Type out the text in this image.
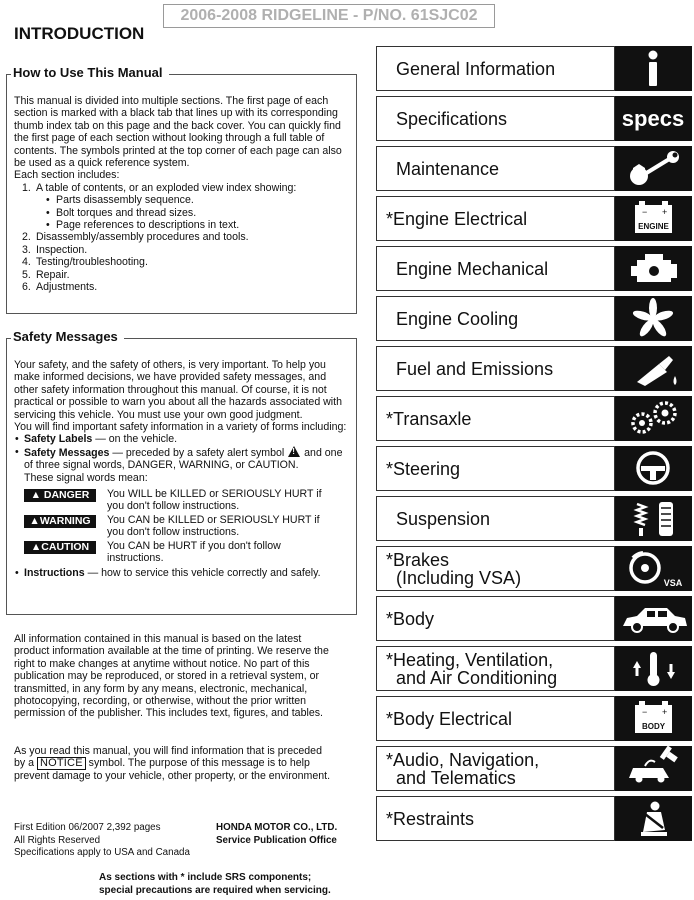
2006-2008 RIDGELINE - P/NO. 61SJC02
INTRODUCTION
How to Use This Manual
This manual is divided into multiple sections. The first page of each section is marked with a black tab that lines up with its corresponding thumb index tab on this page and the back cover. You can quickly find the first page of each section without looking through a full table of contents. The symbols printed at the top corner of each page can also be used as a quick reference system.
Each section includes:
1. A table of contents, or an exploded view index showing:
• Parts disassembly sequence.
• Bolt torques and thread sizes.
• Page references to descriptions in text.
2. Disassembly/assembly procedures and tools.
3. Inspection.
4. Testing/troubleshooting.
5. Repair.
6. Adjustments.
Safety Messages
Your safety, and the safety of others, is very important. To help you make informed decisions, we have provided safety messages, and other safety information throughout this manual. Of course, it is not practical or possible to warn you about all the hazards associated with servicing this vehicle. You must use your own good judgment.
You will find important safety information in a variety of forms including:
• Safety Labels — on the vehicle.
• Safety Messages — preceded by a safety alert symbol ! and one of three signal words, DANGER, WARNING, or CAUTION.
These signal words mean:
▲ DANGER	You WILL be KILLED or SERIOUSLY HURT if you don't follow instructions.
▲WARNING	You CAN be KILLED or SERIOUSLY HURT if you don't follow instructions.
▲CAUTION	You CAN be HURT if you don't follow instructions.
• Instructions — how to service this vehicle correctly and safely.
All information contained in this manual is based on the latest product information available at the time of printing. We reserve the right to make changes at anytime without notice. No part of this publication may be reproduced, or stored in a retrieval system, or transmitted, in any form by any means, electronic, mechanical, photocopying, recording, or otherwise, without the prior written permission of the publisher. This includes text, figures, and tables.
As you read this manual, you will find information that is preceded by a NOTICE symbol. The purpose of this message is to help prevent damage to your vehicle, other property, or the environment.
First Edition 06/2007 2,392 pages
All Rights Reserved
Specifications apply to USA and Canada
HONDA MOTOR CO., LTD.
Service Publication Office
As sections with * include SRS components;
special precautions are required when servicing.
General Information
Specifications	specs
Maintenance
*Engine Electrical	− +
ENGINE
Engine Mechanical
Engine Cooling
Fuel and Emissions
*Transaxle
*Steering
Suspension
*Brakes
(Including VSA)	VSA
*Body
*Heating, Ventilation,
and Air Conditioning
*Body Electrical	− +
BODY
*Audio, Navigation,
and Telematics
*Restraints
